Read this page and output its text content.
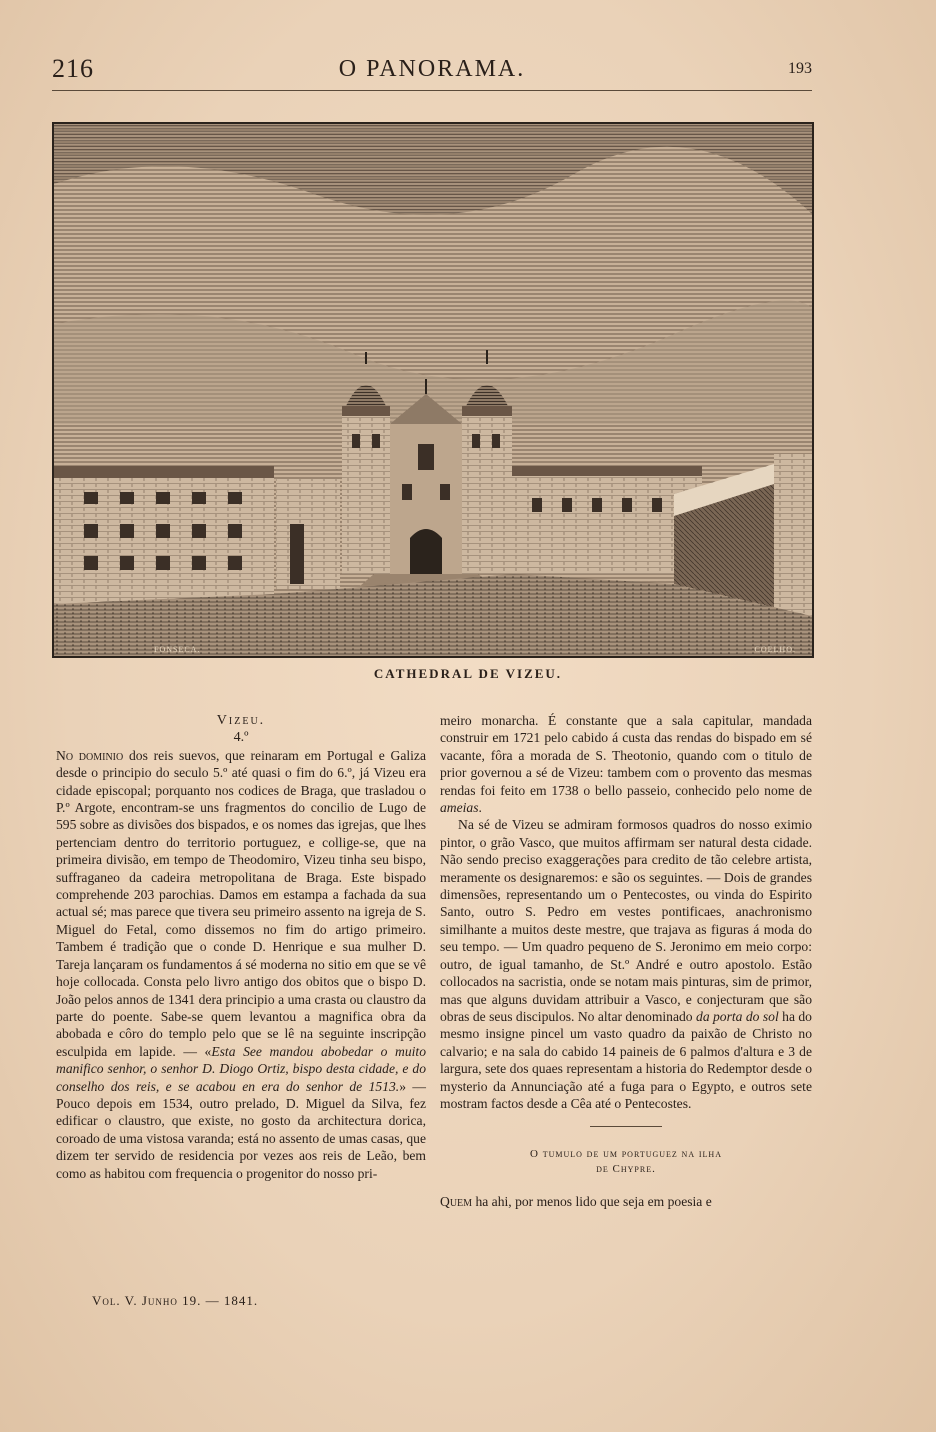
216	O PANORAMA.	193
FONSECA.	COELHO.
CATHEDRAL DE VIZEU.

Vizeu.

4.º

No dominio dos reis suevos, que reinaram em Portugal e Galiza desde o principio do seculo 5.º até quasi o fim do 6.º, já Vizeu era cidade episcopal; porquanto nos codices de Braga, que trasladou o P.º Argote, encontram-se uns fragmentos do concilio de Lugo de 595 sobre as divisões dos bispados, e os nomes das igrejas, que lhes pertenciam dentro do territorio portuguez, e collige-se, que na primeira divisão, em tempo de Theodomiro, Vizeu tinha seu bispo, suffraganeo da cadeira metropolitana de Braga. Este bispado comprehende 203 parochias. Damos em estampa a fachada da sua actual sé; mas parece que tivera seu primeiro assento na igreja de S. Miguel do Fetal, como dissemos no fim do artigo primeiro. Tambem é tradição que o conde D. Henrique e sua mulher D. Tareja lançaram os fundamentos á sé moderna no sitio em que se vê hoje collocada. Consta pelo livro antigo dos obitos que o bispo D. João pelos annos de 1341 dera principio a uma crasta ou claustro da parte do poente. Sabe-se quem levantou a magnifica obra da abobada e côro do templo pelo que se lê na seguinte inscripção esculpida em lapide. — «Esta See mandou abobedar o muito manifico senhor, o senhor D. Diogo Ortiz, bispo desta cidade, e do conselho dos reis, e se acabou en era do senhor de 1513.» — Pouco depois em 1534, outro prelado, D. Miguel da Silva, fez edificar o claustro, que existe, no gosto da architectura dorica, coroado de uma vistosa varanda; está no assento de umas casas, que dizem ter servido de residencia por vezes aos reis de Leão, bem como as habitou com frequencia o progenitor do nosso pri-

Vol. V. Junho 19. — 1841.

meiro monarcha. É constante que a sala capitular, mandada construir em 1721 pelo cabido á custa das rendas do bispado em sé vacante, fôra a morada de S. Theotonio, quando com o titulo de prior governou a sé de Vizeu: tambem com o provento das mesmas rendas foi feito em 1738 o bello passeio, conhecido pelo nome de ameias.

Na sé de Vizeu se admiram formosos quadros do nosso eximio pintor, o grão Vasco, que muitos affirmam ser natural desta cidade. Não sendo preciso exaggerações para credito de tão celebre artista, meramente os designaremos: e são os seguintes. — Dois de grandes dimensões, representando um o Pentecostes, ou vinda do Espirito Santo, outro S. Pedro em vestes pontificaes, anachronismo similhante a muitos deste mestre, que trajava as figuras á moda do seu tempo. — Um quadro pequeno de S. Jeronimo em meio corpo: outro, de igual tamanho, de St.º André e outro apostolo. Estão collocados na sacristia, onde se notam mais pinturas, sim de primor, mas que alguns duvidam attribuir a Vasco, e conjecturam que são obras de seus discipulos. No altar denominado da porta do sol ha do mesmo insigne pincel um vasto quadro da paixão de Christo no calvario; e na sala do cabido 14 paineis de 6 palmos d'altura e 3 de largura, sete dos quaes representam a historia do Redemptor desde o mysterio da Annunciação até a fuga para o Egypto, e outros sete mostram factos desde a Cêa até o Pentecostes.

O tumulo de um portuguez na ilha
de Chypre.

Quem ha ahi, por menos lido que seja em poesia e
